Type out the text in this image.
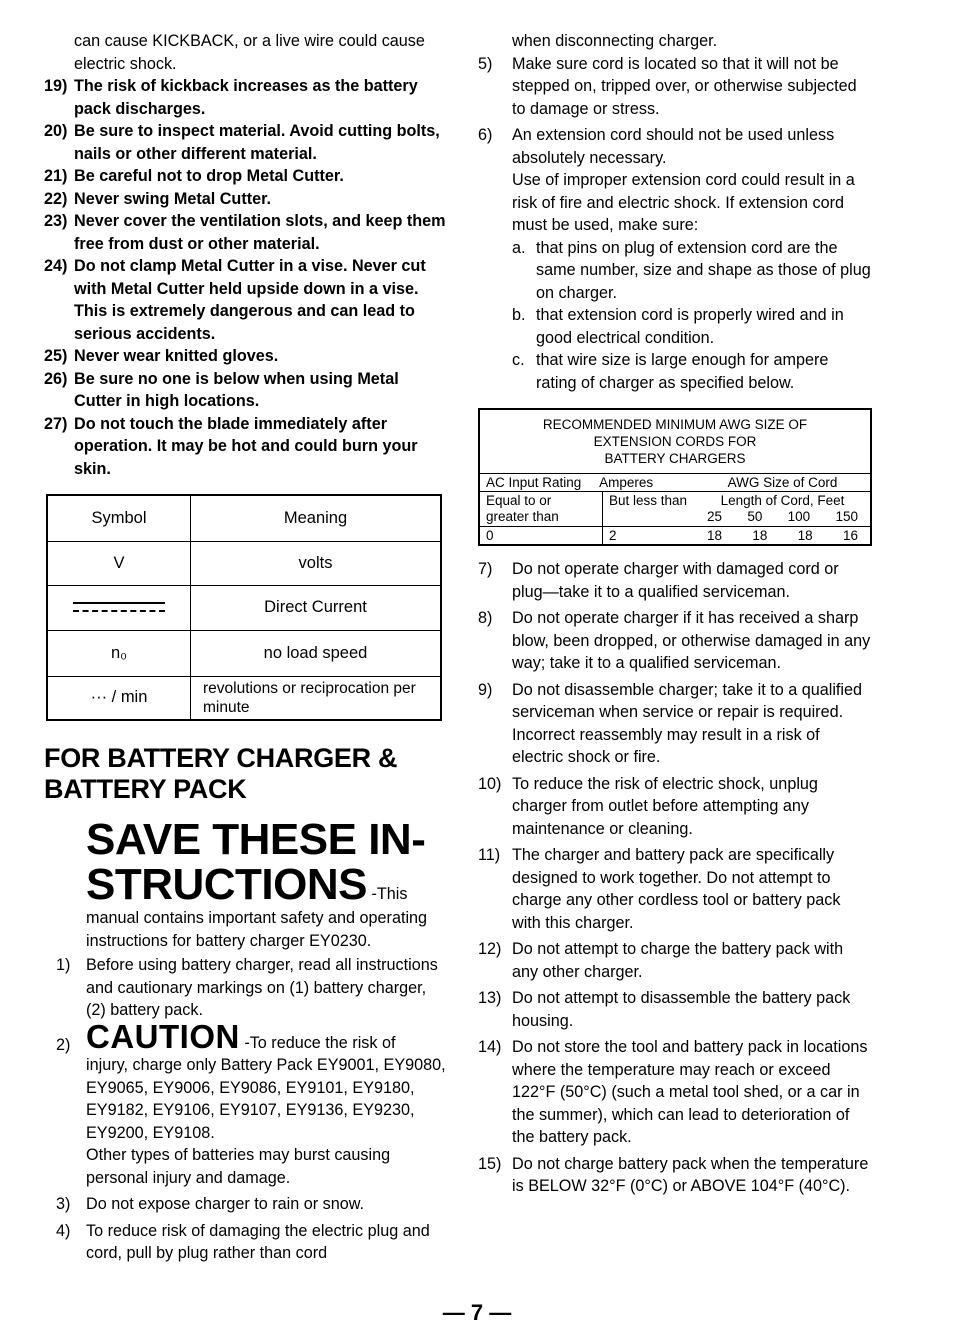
can cause KICKBACK, or a live wire could cause electric shock.
19) The risk of kickback increases as the battery pack discharges.
20) Be sure to inspect material. Avoid cutting bolts, nails or other different material.
21) Be careful not to drop Metal Cutter.
22) Never swing Metal Cutter.
23) Never cover the ventilation slots, and keep them free from dust or other material.
24) Do not clamp Metal Cutter in a vise. Never cut with Metal Cutter held upside down in a vise. This is extremely dangerous and can lead to serious accidents.
25) Never wear knitted gloves.
26) Be sure no one is below when using Metal Cutter in high locations.
27) Do not touch the blade immediately after operation. It may be hot and could burn your skin.
Symbol	Meaning
V	volts

	Direct Current
n₀	no load speed
··· / min	revolutions or reciprocation per minute
FOR BATTERY CHARGER &
BATTERY PACK
SAVE THESE IN-
STRUCTIONS -This
manual contains important safety and operating instructions for battery charger EY0230.
1) Before using battery charger, read all instructions and cautionary markings on (1) battery charger, (2) battery pack.
2) CAUTION -To reduce the risk of
injury, charge only Battery Pack EY9001, EY9080, EY9065, EY9006, EY9086, EY9101, EY9180, EY9182, EY9106, EY9107, EY9136, EY9230, EY9200, EY9108.
Other types of batteries may burst causing personal injury and damage.
3) Do not expose charger to rain or snow.
4) To reduce risk of damaging the electric plug and cord, pull by plug rather than cord
when disconnecting charger.
5)	Make sure cord is located so that it will not be stepped on, tripped over, or otherwise subjected to damage or stress.
6)	An extension cord should not be used unless absolutely necessary.
Use of improper extension cord could result in a risk of fire and electric shock. If extension cord must be used, make sure:
a. that pins on plug of extension cord are the same number, size and shape as those of plug on charger.
b. that extension cord is properly wired and in good electrical condition.
c. that wire size is large enough for ampere rating of charger as specified below.
RECOMMENDED MINIMUM AWG SIZE OF
EXTENSION CORDS FOR
BATTERY CHARGERS		

AC Input Rating Amperes		AWG Size of Cord
Equal to or greater than	But less than	Length of Cord, Feet
25 50 100 150

0	2	18 18 18 16
7)	Do not operate charger with damaged cord or plug—take it to a qualified serviceman.
8)	Do not operate charger if it has received a sharp blow, been dropped, or otherwise damaged in any way; take it to a qualified serviceman.
9)	Do not disassemble charger; take it to a qualified serviceman when service or repair is required. Incorrect reassembly may result in a risk of electric shock or fire.
10) To reduce the risk of electric shock, unplug charger from outlet before attempting any maintenance or cleaning.
11) The charger and battery pack are specifically designed to work together. Do not attempt to charge any other cordless tool or battery pack with this charger.
12) Do not attempt to charge the battery pack with any other charger.
13) Do not attempt to disassemble the battery pack housing.
14) Do not store the tool and battery pack in locations where the temperature may reach or exceed 122°F (50°C) (such a metal tool shed, or a car in the summer), which can lead to deterioration of the battery pack.
15) Do not charge battery pack when the temperature is BELOW 32°F (0°C) or ABOVE 104°F (40°C).
— 7 —
